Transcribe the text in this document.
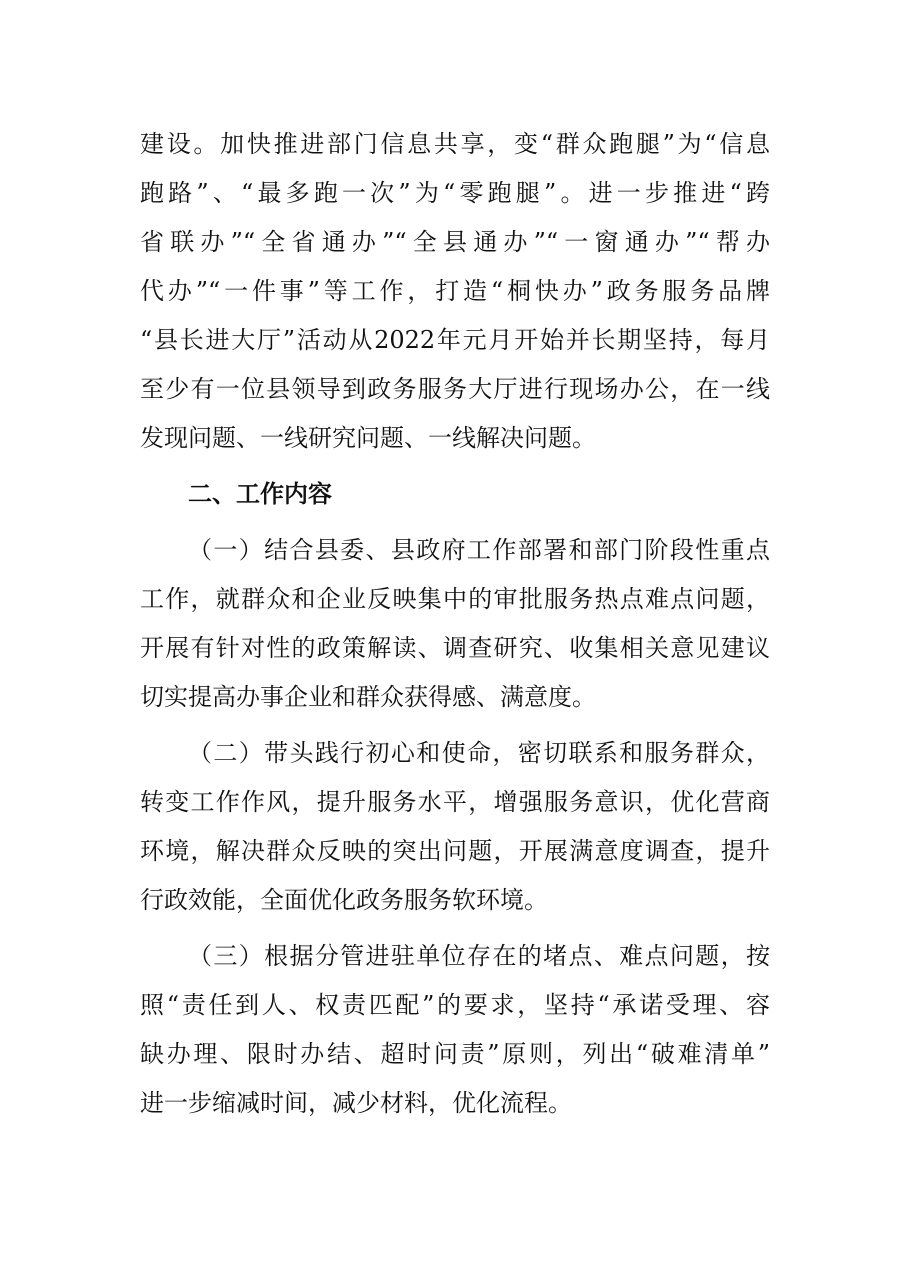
建设。加快推进部门信息共享，变“群众跑腿”为“信息
跑路”、“最多跑一次”为“零跑腿”。进一步推进“跨
省联办”“全省通办”“全县通办”“一窗通办”“帮办
代办”“一件事”等工作，打造“桐快办”政务服务品牌
“县长进大厅”活动从2022年元月开始并长期坚持，每月
至少有一位县领导到政务服务大厅进行现场办公，在一线
发现问题、一线研究问题、一线解决问题。
二、工作内容
（一）结合县委、县政府工作部署和部门阶段性重点
工作，就群众和企业反映集中的审批服务热点难点问题，
开展有针对性的政策解读、调查研究、收集相关意见建议
切实提高办事企业和群众获得感、满意度。
（二）带头践行初心和使命，密切联系和服务群众，
转变工作作风，提升服务水平，增强服务意识，优化营商
环境，解决群众反映的突出问题，开展满意度调查，提升
行政效能，全面优化政务服务软环境。
（三）根据分管进驻单位存在的堵点、难点问题，按
照“责任到人、权责匹配”的要求，坚持“承诺受理、容
缺办理、限时办结、超时问责”原则，列出“破难清单”
进一步缩减时间，减少材料，优化流程。
